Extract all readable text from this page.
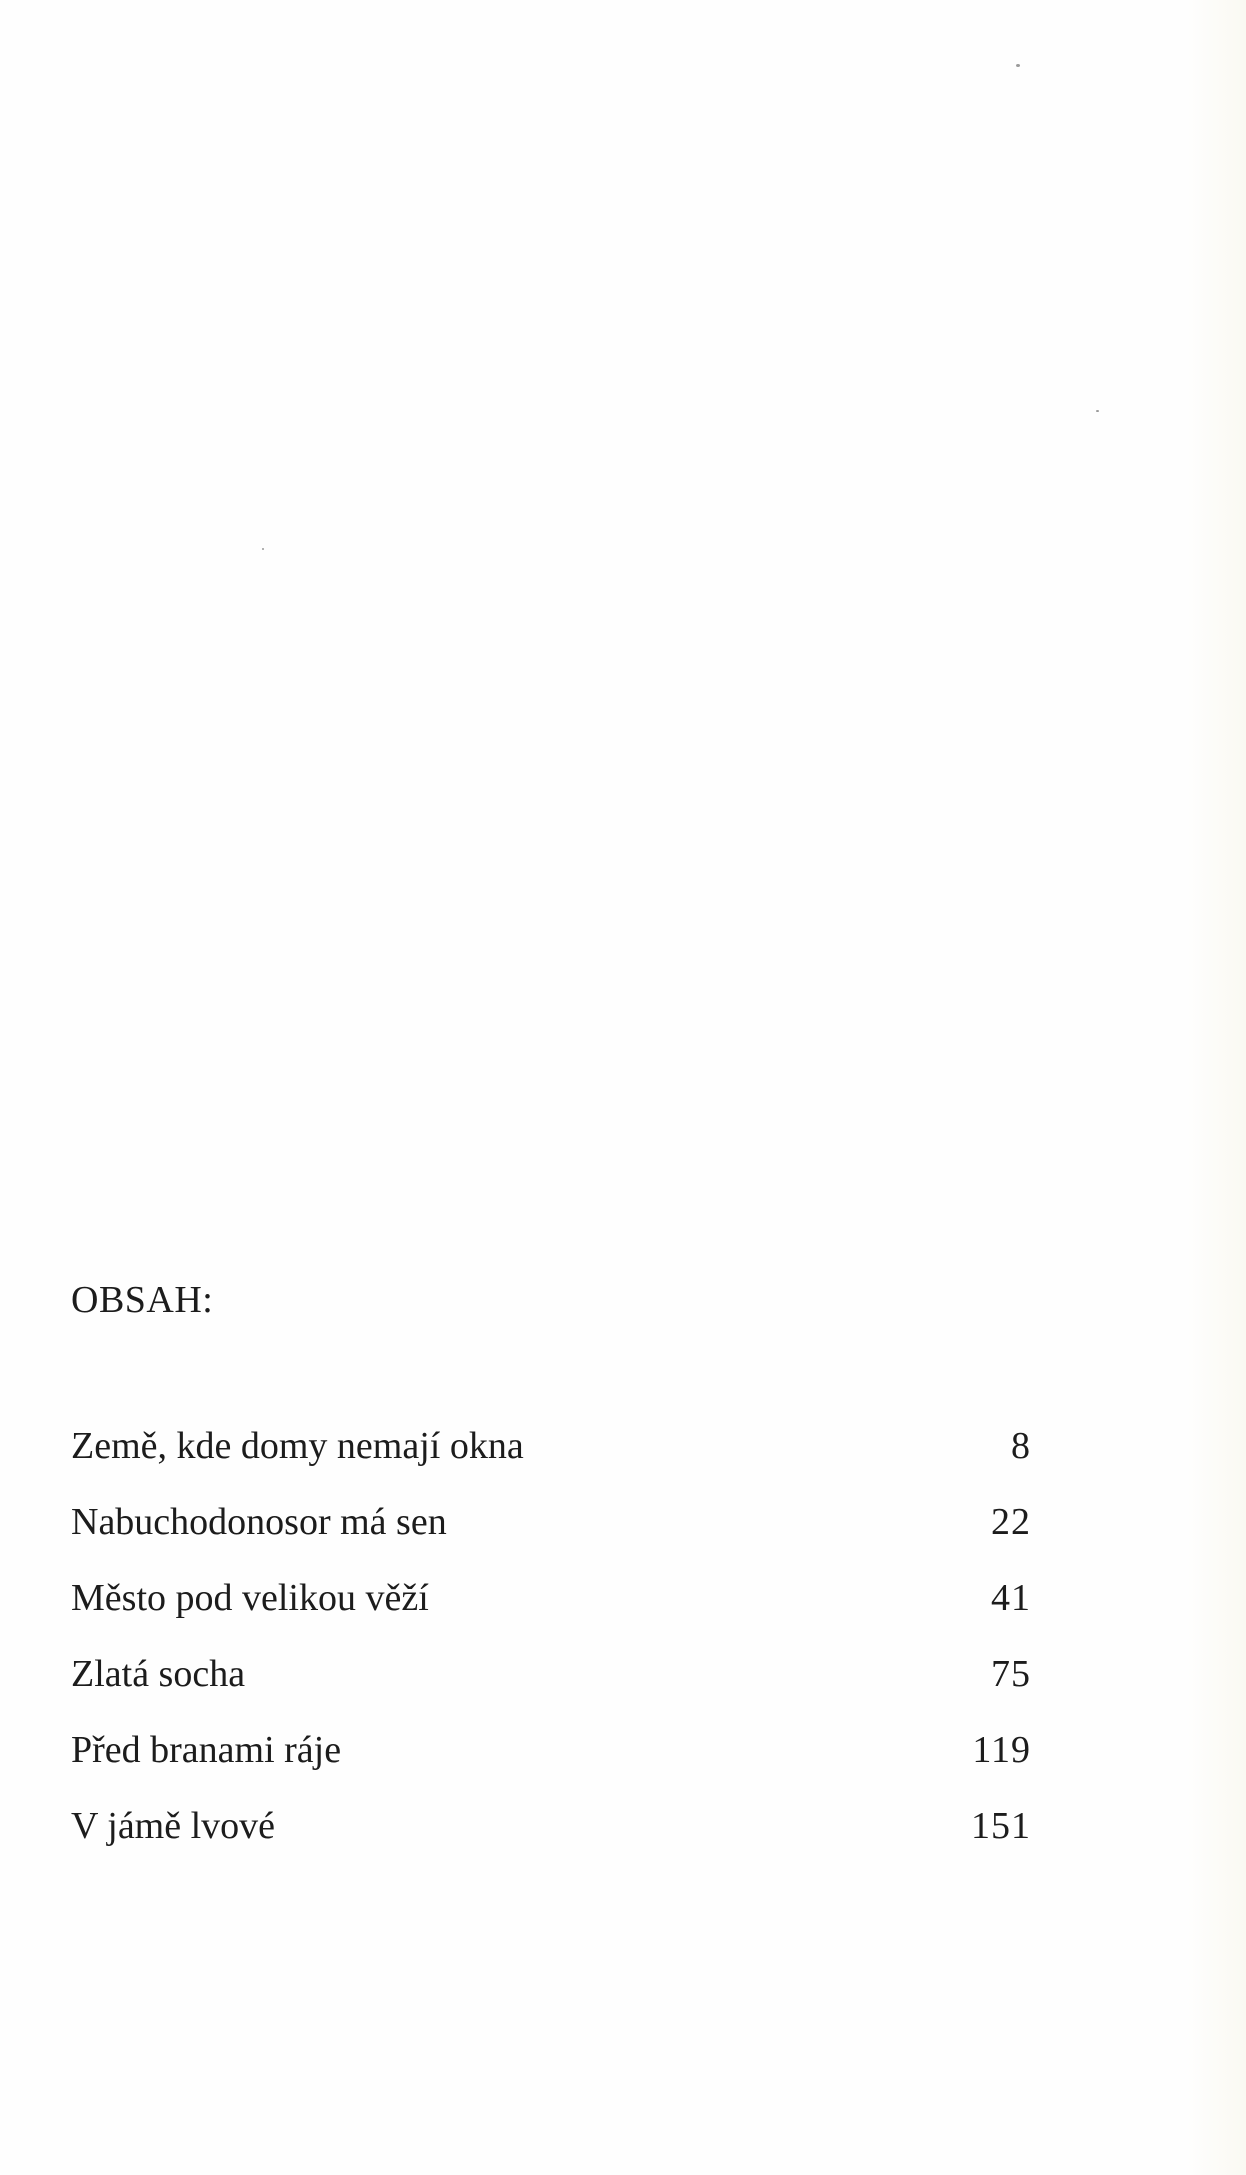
OBSAH:
Země, kde domy nemají okna	8
Nabuchodonosor má sen	22
Město pod velikou věží	41
Zlatá socha	75
Před branami ráje	119
V jámě lvové	151
